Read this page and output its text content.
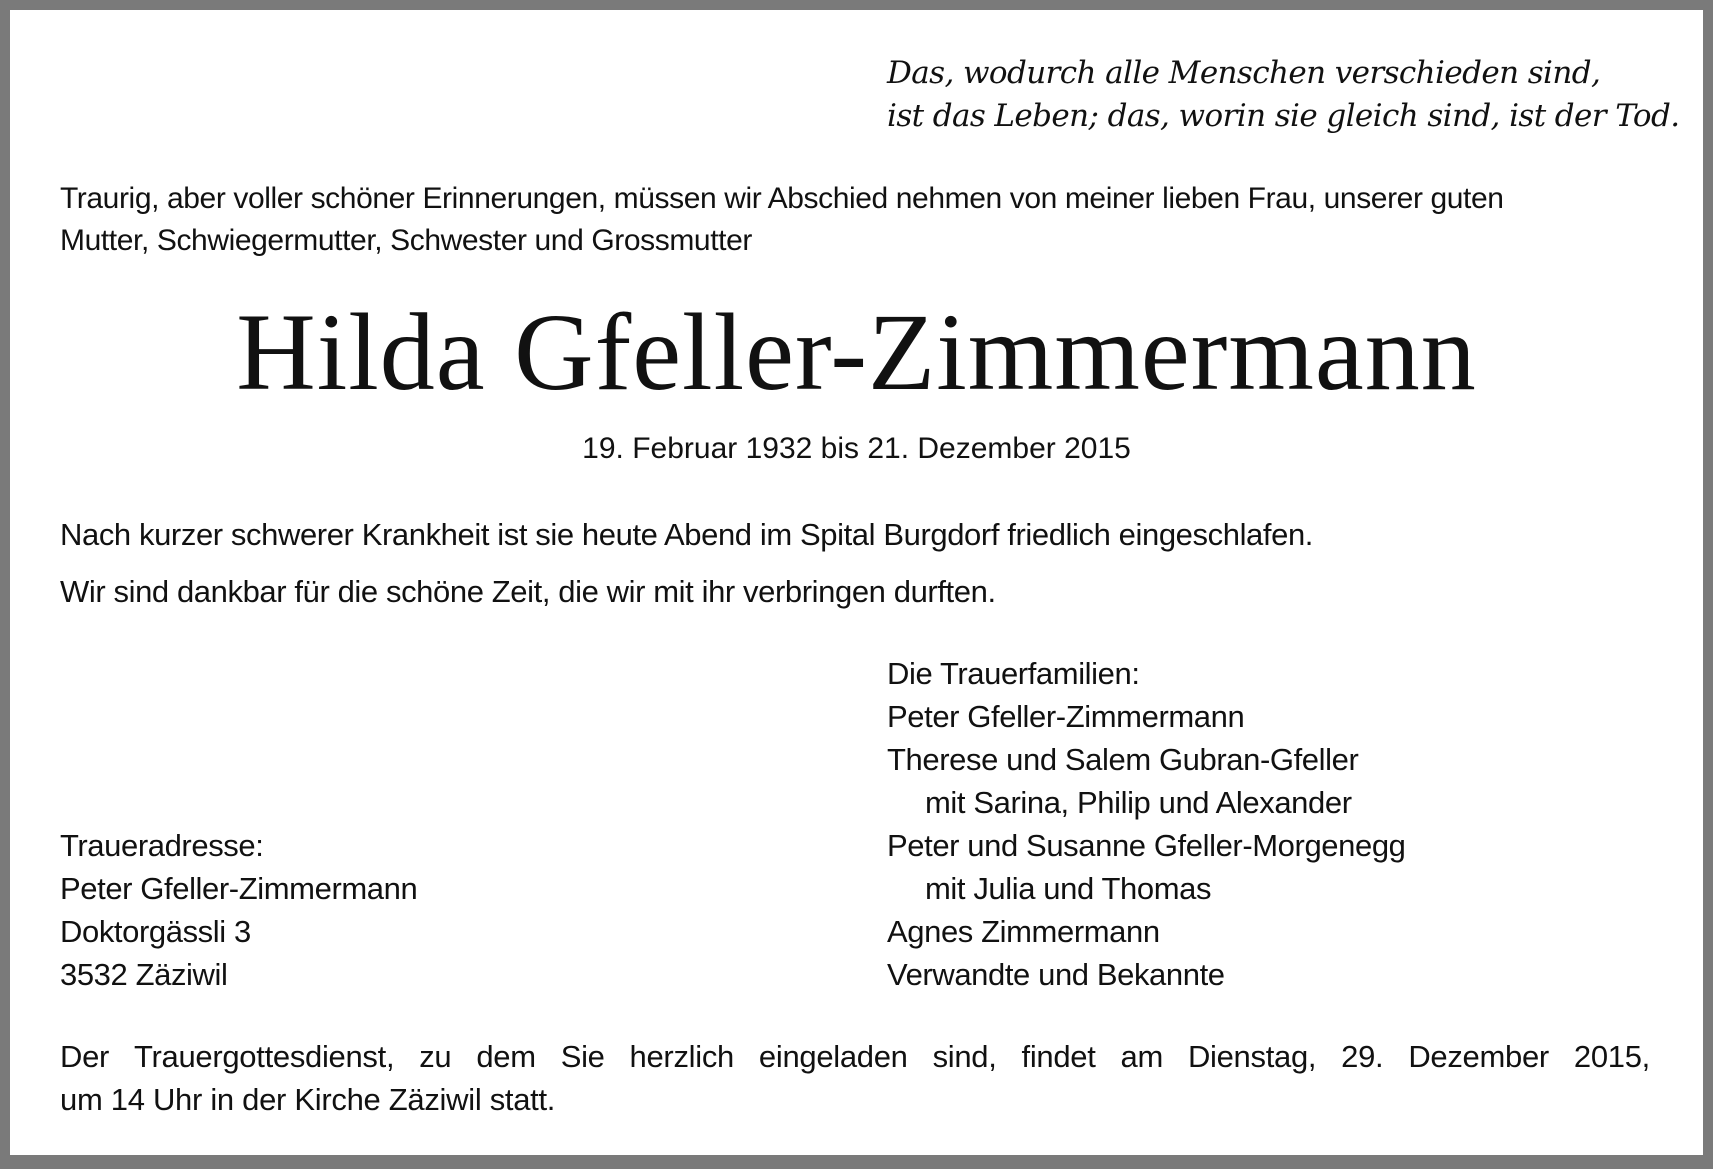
Das, wodurch alle Menschen verschieden sind,
ist das Leben; das, worin sie gleich sind, ist der Tod.
Traurig, aber voller schöner Erinnerungen, müssen wir Abschied nehmen von meiner lieben Frau, unserer guten
Mutter, Schwiegermutter, Schwester und Grossmutter
Hilda Gfeller-Zimmermann
19. Februar 1932 bis 21. Dezember 2015
Nach kurzer schwerer Krankheit ist sie heute Abend im Spital Burgdorf friedlich eingeschlafen.
Wir sind dankbar für die schöne Zeit, die wir mit ihr verbringen durften.
Die Trauerfamilien:
Peter Gfeller-Zimmermann
Therese und Salem Gubran-Gfeller
mit Sarina, Philip und Alexander
Peter und Susanne Gfeller-Morgenegg
mit Julia und Thomas
Agnes Zimmermann
Verwandte und Bekannte
Traueradresse:
Peter Gfeller-Zimmermann
Doktorgässli 3
3532 Zäziwil
Der Trauergottesdienst, zu dem Sie herzlich eingeladen sind, findet am Dienstag, 29. Dezember 2015,
um 14 Uhr in der Kirche Zäziwil statt.
